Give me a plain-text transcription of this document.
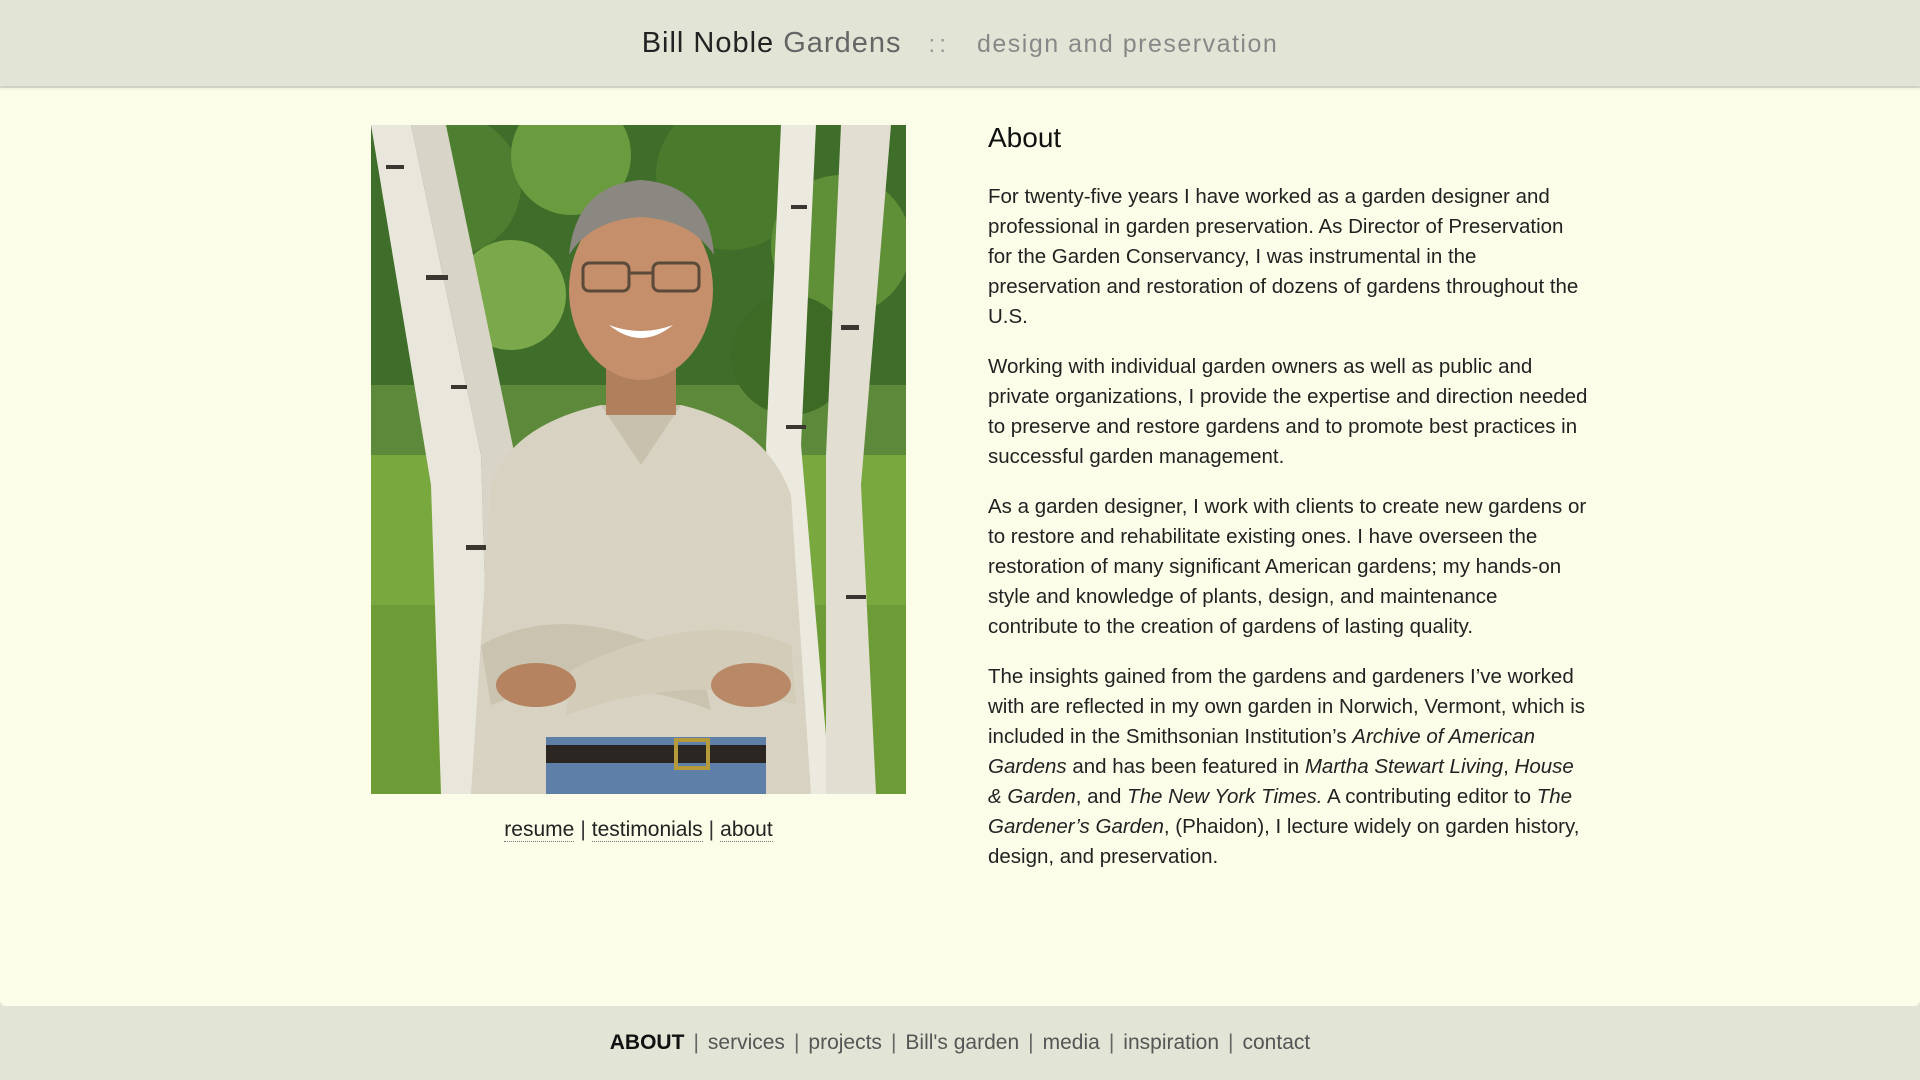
Bill Noble Gardens :: design and preservation
resume | testimonials | about
About

For twenty-five years I have worked as a garden designer and professional in garden preservation. As Director of Preservation for the Garden Conservancy, I was instrumental in the preservation and restoration of dozens of gardens throughout the U.S.

Working with individual garden owners as well as public and private organizations, I provide the expertise and direction needed to preserve and restore gardens and to promote best practices in successful garden management.

As a garden designer, I work with clients to create new gardens or to restore and rehabilitate existing ones. I have overseen the restoration of many significant American gardens; my hands-on style and knowledge of plants, design, and maintenance contribute to the creation of gardens of lasting quality.

The insights gained from the gardens and gardeners I’ve worked with are reflected in my own garden in Norwich, Vermont, which is included in the Smithsonian Institution’s Archive of American Gardens and has been featured in Martha Stewart Living, House & Garden, and The New York Times. A contributing editor to The Gardener’s Garden, (Phaidon), I lecture widely on garden history, design, and preservation.

ABOUT | services | projects | Bill's garden | media | inspiration | contact
